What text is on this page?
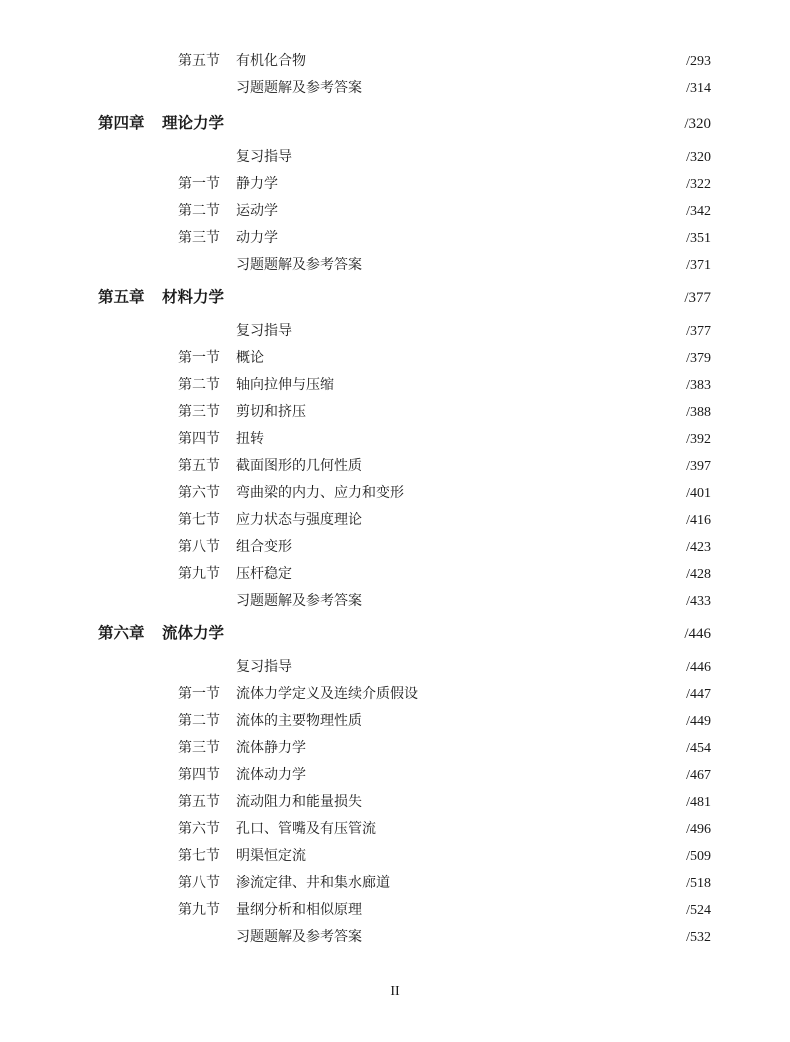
第五节	有机化合物	/293
习题题解及参考答案	/314
第四章	理论力学	/320
复习指导	/320
第一节	静力学	/322
第二节	运动学	/342
第三节	动力学	/351
习题题解及参考答案	/371
第五章	材料力学	/377
复习指导	/377
第一节	概论	/379
第二节	轴向拉伸与压缩	/383
第三节	剪切和挤压	/388
第四节	扭转	/392
第五节	截面图形的几何性质	/397
第六节	弯曲梁的内力、应力和变形	/401
第七节	应力状态与强度理论	/416
第八节	组合变形	/423
第九节	压杆稳定	/428
习题题解及参考答案	/433
第六章	流体力学	/446
复习指导	/446
第一节	流体力学定义及连续介质假设	/447
第二节	流体的主要物理性质	/449
第三节	流体静力学	/454
第四节	流体动力学	/467
第五节	流动阻力和能量损失	/481
第六节	孔口、管嘴及有压管流	/496
第七节	明渠恒定流	/509
第八节	渗流定律、井和集水廊道	/518
第九节	量纲分析和相似原理	/524
习题题解及参考答案	/532
II
